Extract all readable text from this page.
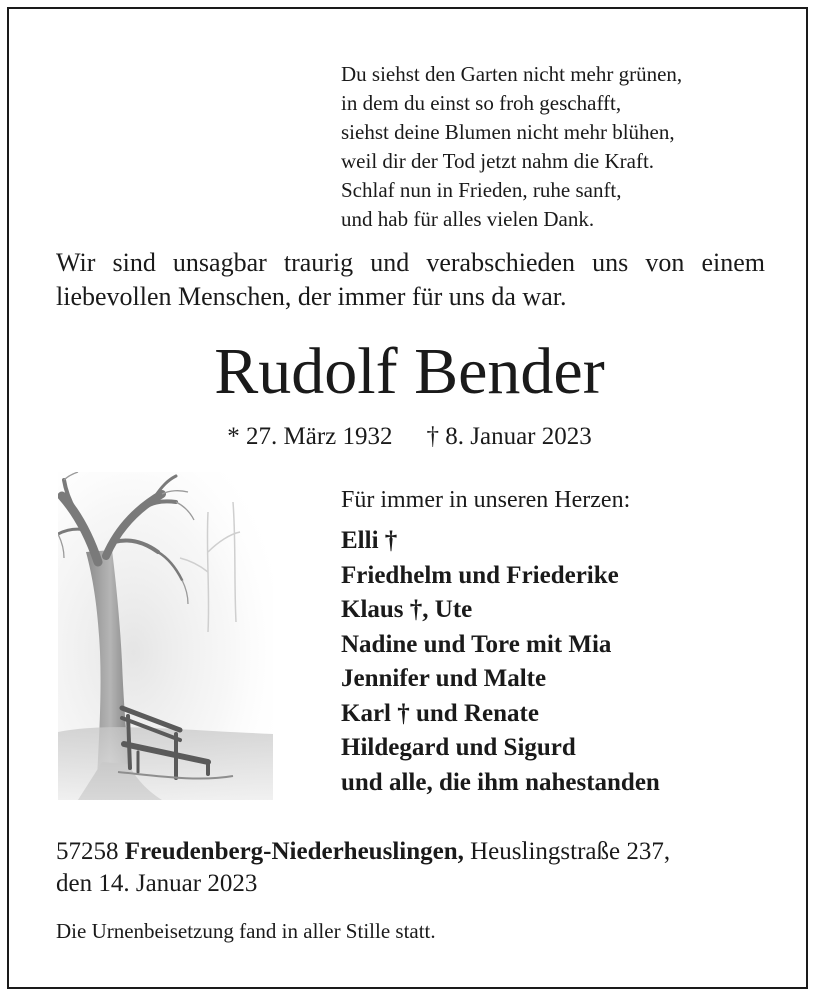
Du siehst den Garten nicht mehr grünen,
in dem du einst so froh geschafft,
siehst deine Blumen nicht mehr blühen,
weil dir der Tod jetzt nahm die Kraft.
Schlaf nun in Frieden, ruhe sanft,
und hab für alles vielen Dank.
Wir sind unsagbar traurig und verabschieden uns von einem
liebevollen Menschen, der immer für uns da war.
Rudolf Bender
* 27. März 1932 † 8. Januar 2023
Für immer in unseren Herzen:
Elli †
Friedhelm und Friederike
Klaus †, Ute
Nadine und Tore mit Mia
Jennifer und Malte
Karl † und Renate
Hildegard und Sigurd
und alle, die ihm nahestanden
57258 Freudenberg-Niederheuslingen, Heuslingstraße 237,
den 14. Januar 2023
Die Urnenbeisetzung fand in aller Stille statt.
